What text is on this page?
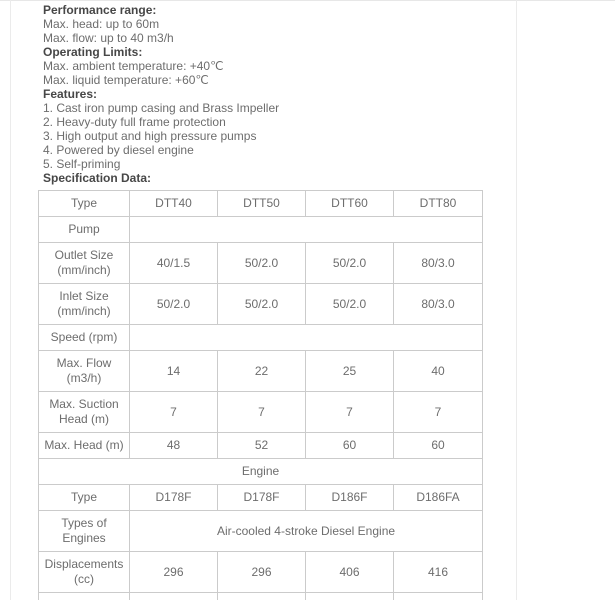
Performance range:

Max. head: up to 60m

Max. flow: up to 40 m3/h

Operating Limits:

Max. ambient temperature: +40℃

Max. liquid temperature: +60℃

Features:

1. Cast iron pump casing and Brass Impeller

2. Heavy-duty full frame protection

3. High output and high pressure pumps

4. Powered by diesel engine

5. Self-priming

Specification Data:

Type	DTT40	DTT50	DTT60	DTT80
Pump				
Outlet Size (mm/inch)	40/1.5	50/2.0	50/2.0	80/3.0
Inlet Size (mm/inch)	50/2.0	50/2.0	50/2.0	80/3.0
Speed (rpm)				
Max. Flow (m3/h)	14	22	25	40
Max. Suction Head (m)	7	7	7	7
Max. Head (m)	48	52	60	60
Engine				
Type	D178F	D178F	D186F	D186FA
Types of Engines	Air-cooled 4-stroke Diesel Engine			
Displacements (cc)	296	296	406	416
